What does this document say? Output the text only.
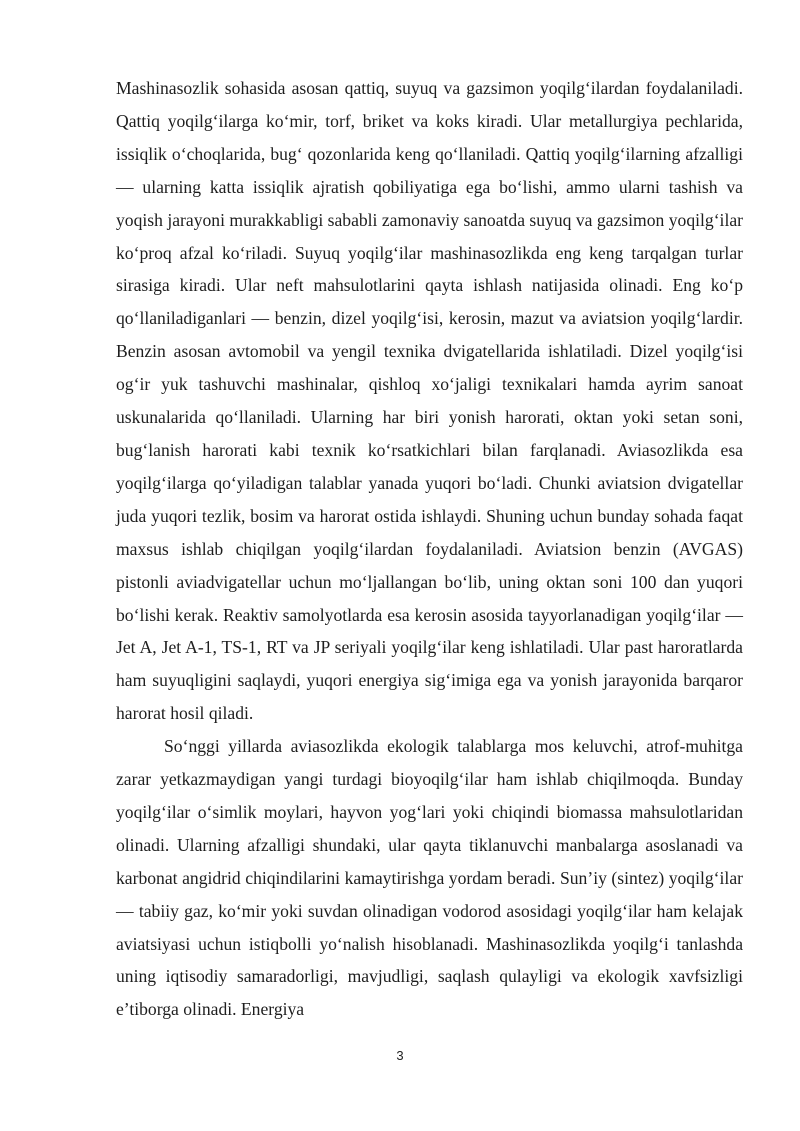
Mashinasozlik sohasida asosan qattiq, suyuq va gazsimon yoqilg‘ilardan foydalaniladi. Qattiq yoqilg‘ilarga ko‘mir, torf, briket va koks kiradi. Ular metallurgiya pechlarida, issiqlik o‘choqlarida, bug‘ qozonlarida keng qo‘llaniladi. Qattiq yoqilg‘ilarning afzalligi — ularning katta issiqlik ajratish qobiliyatiga ega bo‘lishi, ammo ularni tashish va yoqish jarayoni murakkabligi sababli zamonaviy sanoatda suyuq va gazsimon yoqilg‘ilar ko‘proq afzal ko‘riladi. Suyuq yoqilg‘ilar mashinasozlikda eng keng tarqalgan turlar sirasiga kiradi. Ular neft mahsulotlarini qayta ishlash natijasida olinadi. Eng ko‘p qo‘llaniladiganlari — benzin, dizel yoqilg‘isi, kerosin, mazut va aviatsion yoqilg‘lardir. Benzin asosan avtomobil va yengil texnika dvigatellarida ishlatiladi. Dizel yoqilg‘isi og‘ir yuk tashuvchi mashinalar, qishloq xo‘jaligi texnikalari hamda ayrim sanoat uskunalarida qo‘llaniladi. Ularning har biri yonish harorati, oktan yoki setan soni, bug‘lanish harorati kabi texnik ko‘rsatkichlari bilan farqlanadi. Aviasozlikda esa yoqilg‘ilarga qo‘yiladigan talablar yanada yuqori bo‘ladi. Chunki aviatsion dvigatellar juda yuqori tezlik, bosim va harorat ostida ishlaydi. Shuning uchun bunday sohada faqat maxsus ishlab chiqilgan yoqilg‘ilardan foydalaniladi. Aviatsion benzin (AVGAS) pistonli aviadvigatellar uchun mo‘ljallangan bo‘lib, uning oktan soni 100 dan yuqori bo‘lishi kerak. Reaktiv samolyotlarda esa kerosin asosida tayyorlanadigan yoqilg‘ilar — Jet A, Jet A-1, TS-1, RT va JP seriyali yoqilg‘ilar keng ishlatiladi. Ular past haroratlarda ham suyuqligini saqlaydi, yuqori energiya sig‘imiga ega va yonish jarayonida barqaror harorat hosil qiladi.

So‘nggi yillarda aviasozlikda ekologik talablarga mos keluvchi, atrof-muhitga zarar yetkazmaydigan yangi turdagi bioyoqilg‘ilar ham ishlab chiqilmoqda. Bunday yoqilg‘ilar o‘simlik moylari, hayvon yog‘lari yoki chiqindi biomassa mahsulotlaridan olinadi. Ularning afzalligi shundaki, ular qayta tiklanuvchi manbalarga asoslanadi va karbonat angidrid chiqindilarini kamaytirishga yordam beradi. Sun’iy (sintez) yoqilg‘ilar — tabiiy gaz, ko‘mir yoki suvdan olinadigan vodorod asosidagi yoqilg‘ilar ham kelajak aviatsiyasi uchun istiqbolli yo‘nalish hisoblanadi. Mashinasozlikda yoqilg‘i tanlashda uning iqtisodiy samaradorligi, mavjudligi, saqlash qulayligi va ekologik xavfsizligi e’tiborga olinadi. Energiya

3
